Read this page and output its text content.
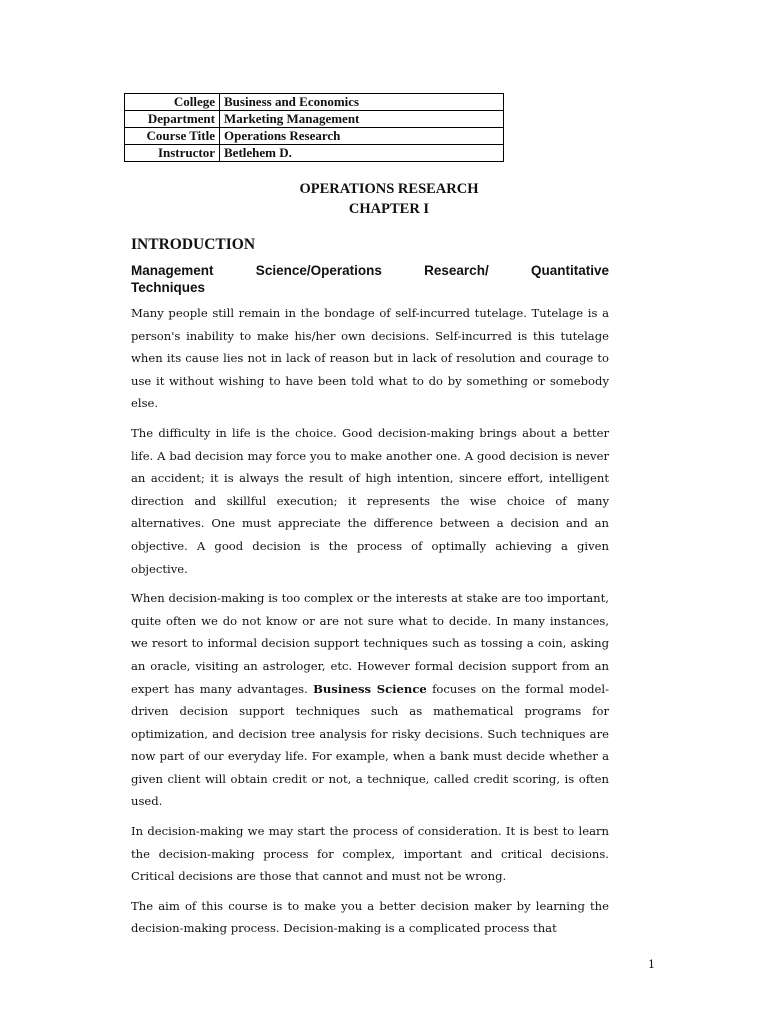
College	Business and Economics
Department	Marketing Management
Course Title	Operations Research
Instructor	Betlehem D.
OPERATIONS RESEARCH
CHAPTER I
INTRODUCTION
Management Science/Operations Research/ Quantitative
Techniques

Many people still remain in the bondage of self-incurred tutelage. Tutelage is a person's inability to make his/her own decisions. Self-incurred is this tutelage when its cause lies not in lack of reason but in lack of resolution and courage to use it without wishing to have been told what to do by something or somebody else.

The difficulty in life is the choice. Good decision-making brings about a better life. A bad decision may force you to make another one. A good decision is never an accident; it is always the result of high intention, sincere effort, intelligent direction and skillful execution; it represents the wise choice of many alternatives. One must appreciate the difference between a decision and an objective. A good decision is the process of optimally achieving a given objective.

When decision-making is too complex or the interests at stake are too important, quite often we do not know or are not sure what to decide. In many instances, we resort to informal decision support techniques such as tossing a coin, asking an oracle, visiting an astrologer, etc. However formal decision support from an expert has many advantages. Business Science focuses on the formal model-driven decision support techniques such as mathematical programs for optimization, and decision tree analysis for risky decisions. Such techniques are now part of our everyday life. For example, when a bank must decide whether a given client will obtain credit or not, a technique, called credit scoring, is often used.

In decision-making we may start the process of consideration. It is best to learn the decision-making process for complex, important and critical decisions. Critical decisions are those that cannot and must not be wrong.

The aim of this course is to make you a better decision maker by learning the decision-making process. Decision-making is a complicated process that

1
